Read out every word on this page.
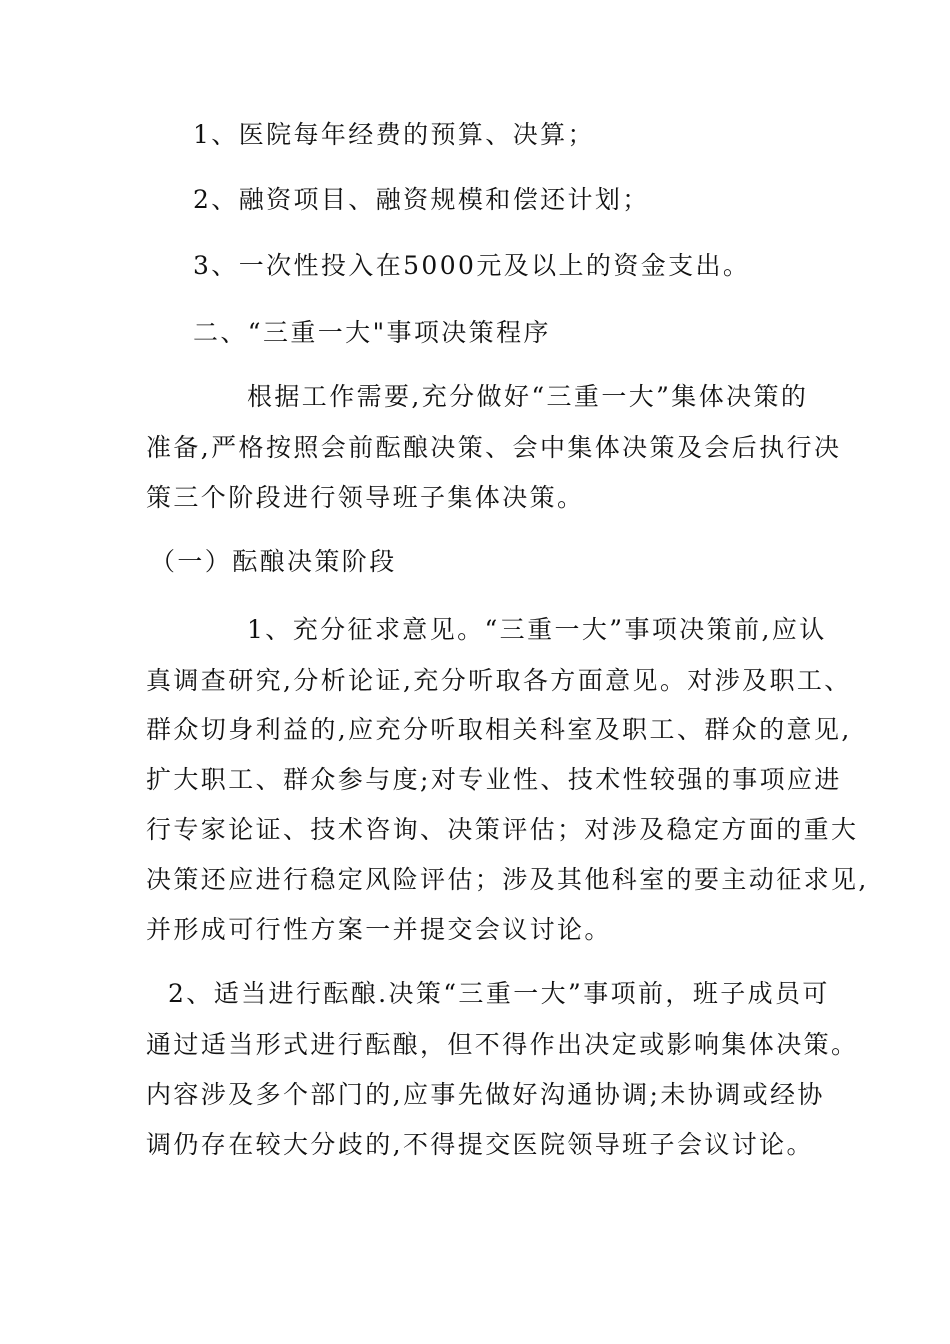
1、医院每年经费的预算、决算；
2、融资项目、融资规模和偿还计划；
3、一次性投入在5000元及以上的资金支出。
二、“三重一大"事项决策程序
根据工作需要,充分做好“三重一大”集体决策的
准备,严格按照会前酝酿决策、会中集体决策及会后执行决
策三个阶段进行领导班子集体决策。
（一）酝酿决策阶段
1、充分征求意见。“三重一大”事项决策前,应认
真调查研究,分析论证,充分听取各方面意见。对涉及职工、
群众切身利益的,应充分听取相关科室及职工、群众的意见,
扩大职工、群众参与度;对专业性、技术性较强的事项应进
行专家论证、技术咨询、决策评估；对涉及稳定方面的重大
决策还应进行稳定风险评估；涉及其他科室的要主动征求见,
并形成可行性方案一并提交会议讨论。
2、适当进行酝酿.决策“三重一大”事项前，班子成员可
通过适当形式进行酝酿，但不得作出决定或影响集体决策。
内容涉及多个部门的,应事先做好沟通协调;未协调或经协
调仍存在较大分歧的,不得提交医院领导班子会议讨论。
